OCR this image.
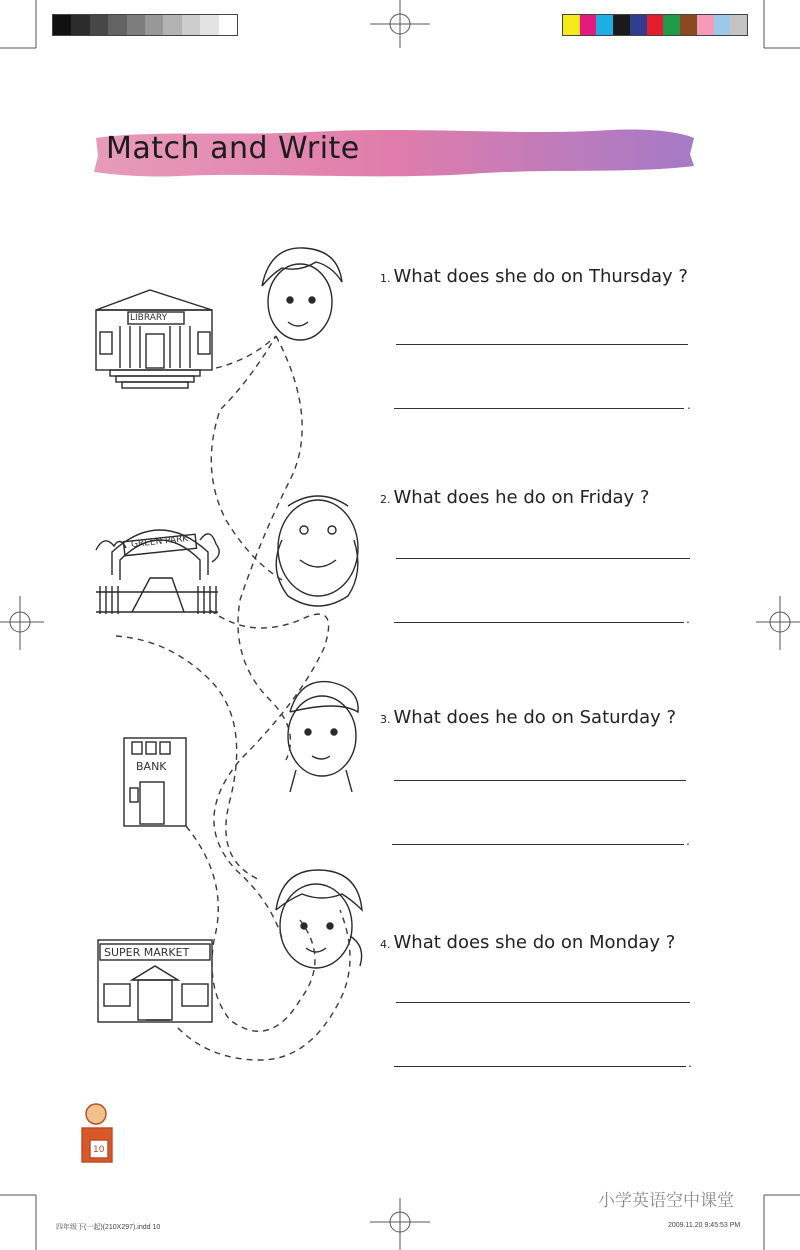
Match and Write
LIBRARY
GREEN PARK
BANK
SUPER MARKET
1. What does she do on Thursday ?
.
2. What does he do on Friday ?
.
3. What does he do on Saturday ?
.
4. What does she do on Monday ?
.
10
四年级下(一起)(210X297).indd 10	2009.11.20 9:45:53 PM
小学英语空中课堂
